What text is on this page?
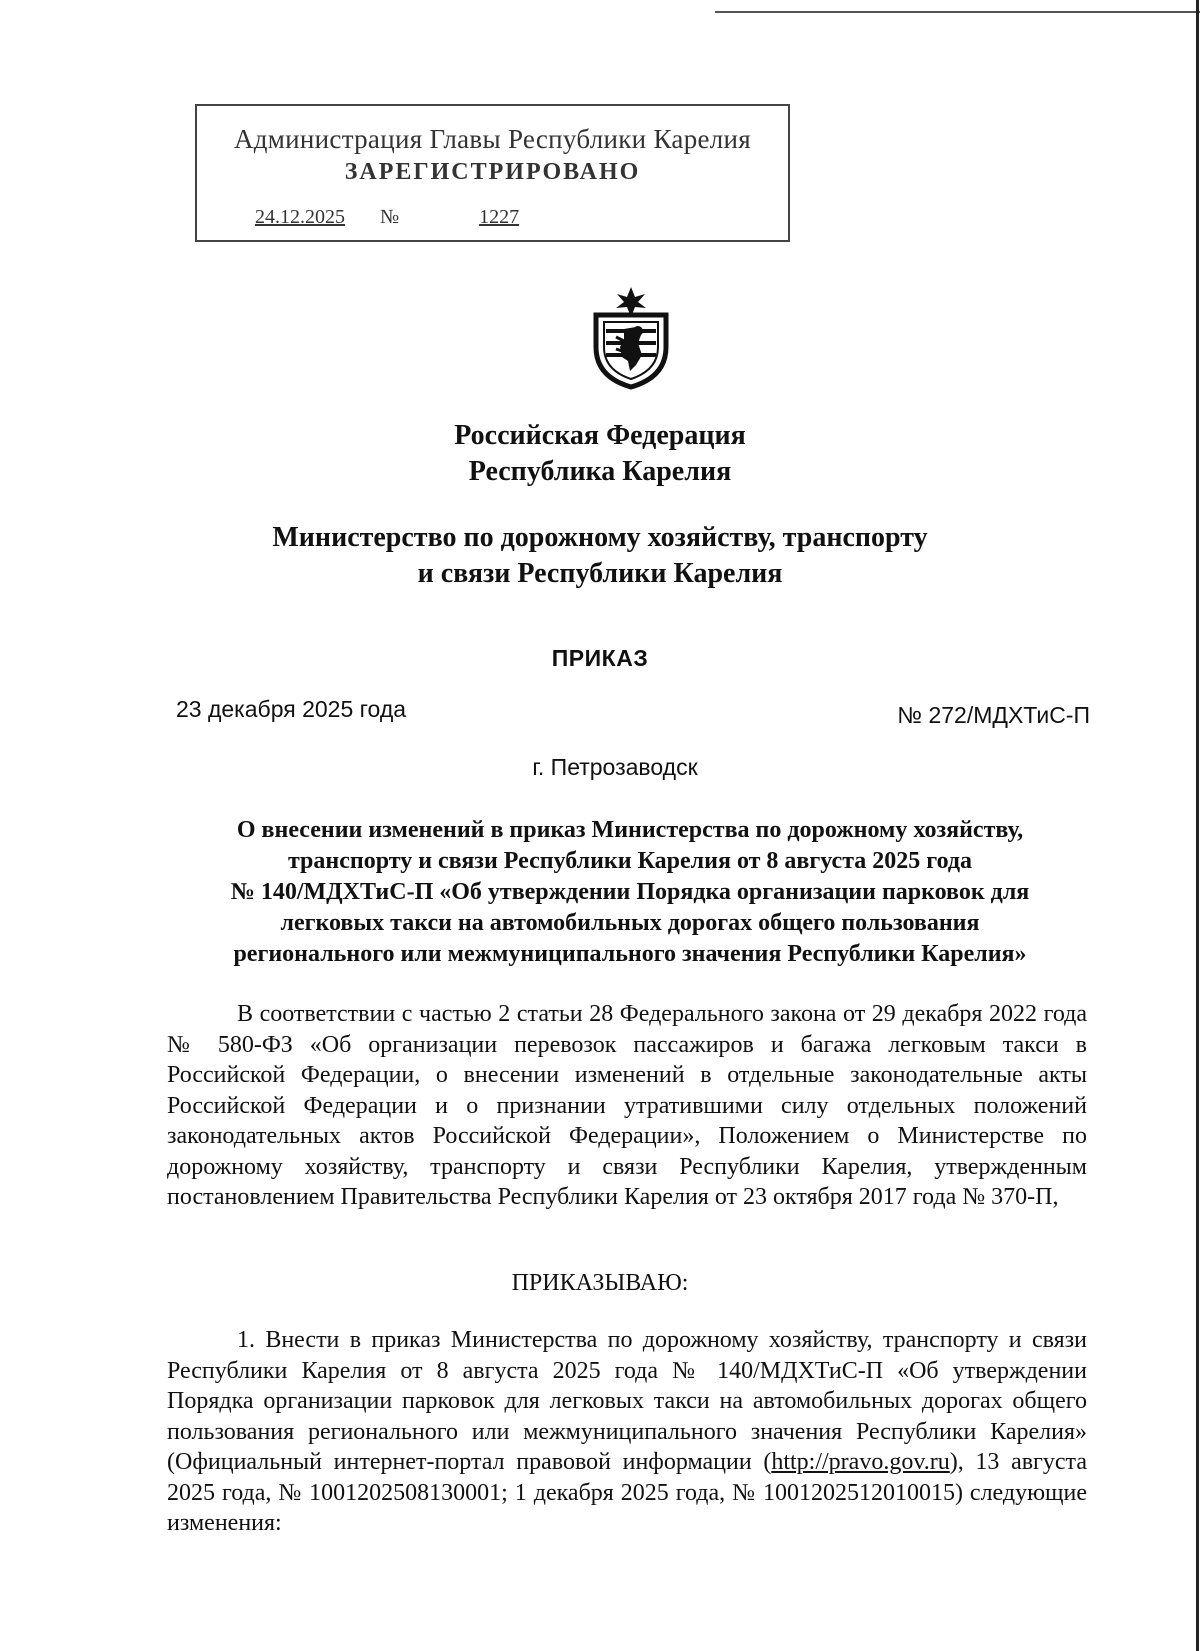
Администрация Главы Республики Карелия
ЗАРЕГИСТРИРОВАНО
24.12.2025 №	1227
Российская Федерация
Республика Карелия
Министерство по дорожному хозяйству, транспорту
и связи Республики Карелия
ПРИКАЗ
23 декабря 2025 года	№ 272/МДХТиС-П
г. Петрозаводск
О внесении изменений в приказ Министерства по дорожному хозяйству,
транспорту и связи Республики Карелия от 8 августа 2025 года
№ 140/МДХТиС-П «Об утверждении Порядка организации парковок для
легковых такси на автомобильных дорогах общего пользования
регионального или межмуниципального значения Республики Карелия»
В соответствии с частью 2 статьи 28 Федерального закона от 29 декабря 2022 года № 580-ФЗ «Об организации перевозок пассажиров и багажа легковым такси в Российской Федерации, о внесении изменений в отдельные законодательные акты Российской Федерации и о признании утратившими силу отдельных положений законодательных актов Российской Федерации», Положением о Министерстве по дорожному хозяйству, транспорту и связи Республики Карелия, утвержденным постановлением Правительства Республики Карелия от 23 октября 2017 года № 370-П,
ПРИКАЗЫВАЮ:
1. Внести в приказ Министерства по дорожному хозяйству, транспорту и связи Республики Карелия от 8 августа 2025 года № 140/МДХТиС-П «Об утверждении Порядка организации парковок для легковых такси на автомобильных дорогах общего пользования регионального или межмуниципального значения Республики Карелия» (Официальный интернет-портал правовой информации (http://pravo.gov.ru), 13 августа 2025 года, № 1001202508130001; 1 декабря 2025 года, № 1001202512010015) следующие изменения:
